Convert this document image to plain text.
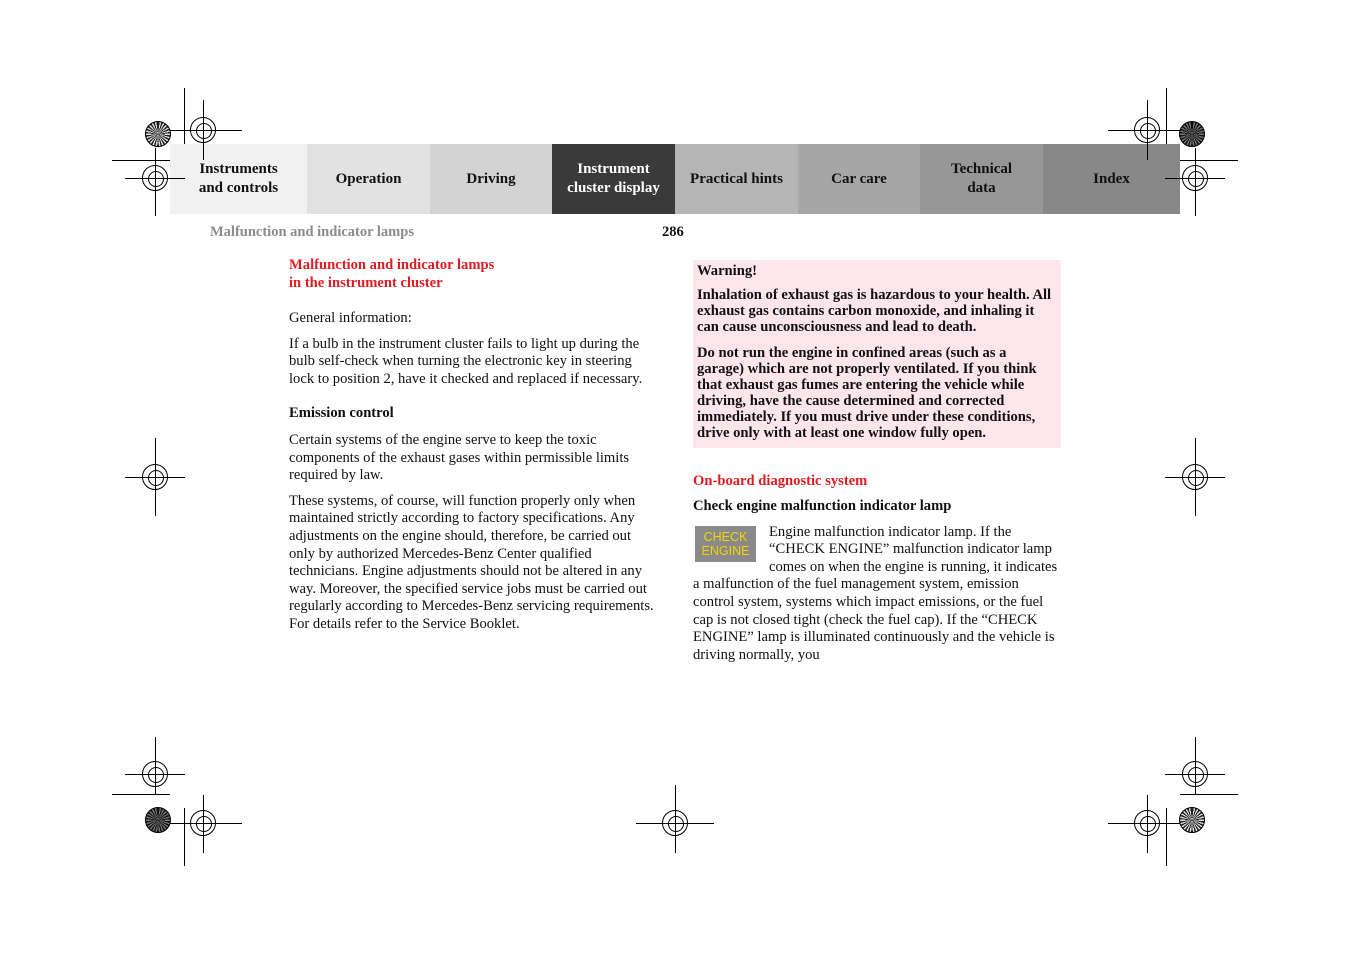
Instruments
and controls
Operation	Driving
Instrument
cluster display
Practical hints	Car care
Technical
data
Index
Malfunction and indicator lamps	286
Malfunction and indicator lamps
in the instrument cluster

General information:

If a bulb in the instrument cluster fails to light up during the bulb self-check when turning the electronic key in steering lock to position 2, have it checked and replaced if necessary.

Emission control

Certain systems of the engine serve to keep the toxic components of the exhaust gases within permissible limits required by law.

These systems, of course, will function properly only when maintained strictly according to factory specifications. Any adjustments on the engine should, therefore, be carried out only by authorized Mercedes-Benz Center qualified technicians. Engine adjustments should not be altered in any way. Moreover, the specified service jobs must be carried out regularly according to Mercedes-Benz servicing requirements. For details refer to the Service Booklet.

Warning!

Inhalation of exhaust gas is hazardous to your health. All exhaust gas contains carbon monoxide, and inhaling it can cause unconsciousness and lead to death.

Do not run the engine in confined areas (such as a garage) which are not properly ventilated. If you think that exhaust gas fumes are entering the vehicle while driving, have the cause determined and corrected immediately. If you must drive under these conditions, drive only with at least one window fully open.

On-board diagnostic system

Check engine malfunction indicator lamp

CHECK
ENGINE

Engine malfunction indicator lamp. If the “CHECK ENGINE” malfunction indicator lamp comes on when the engine is running, it indicates a malfunction of the fuel management system, emission control system, systems which impact emissions, or the fuel cap is not closed tight (check the fuel cap). If the “CHECK ENGINE” lamp is illuminated continuously and the vehicle is driving normally, you
